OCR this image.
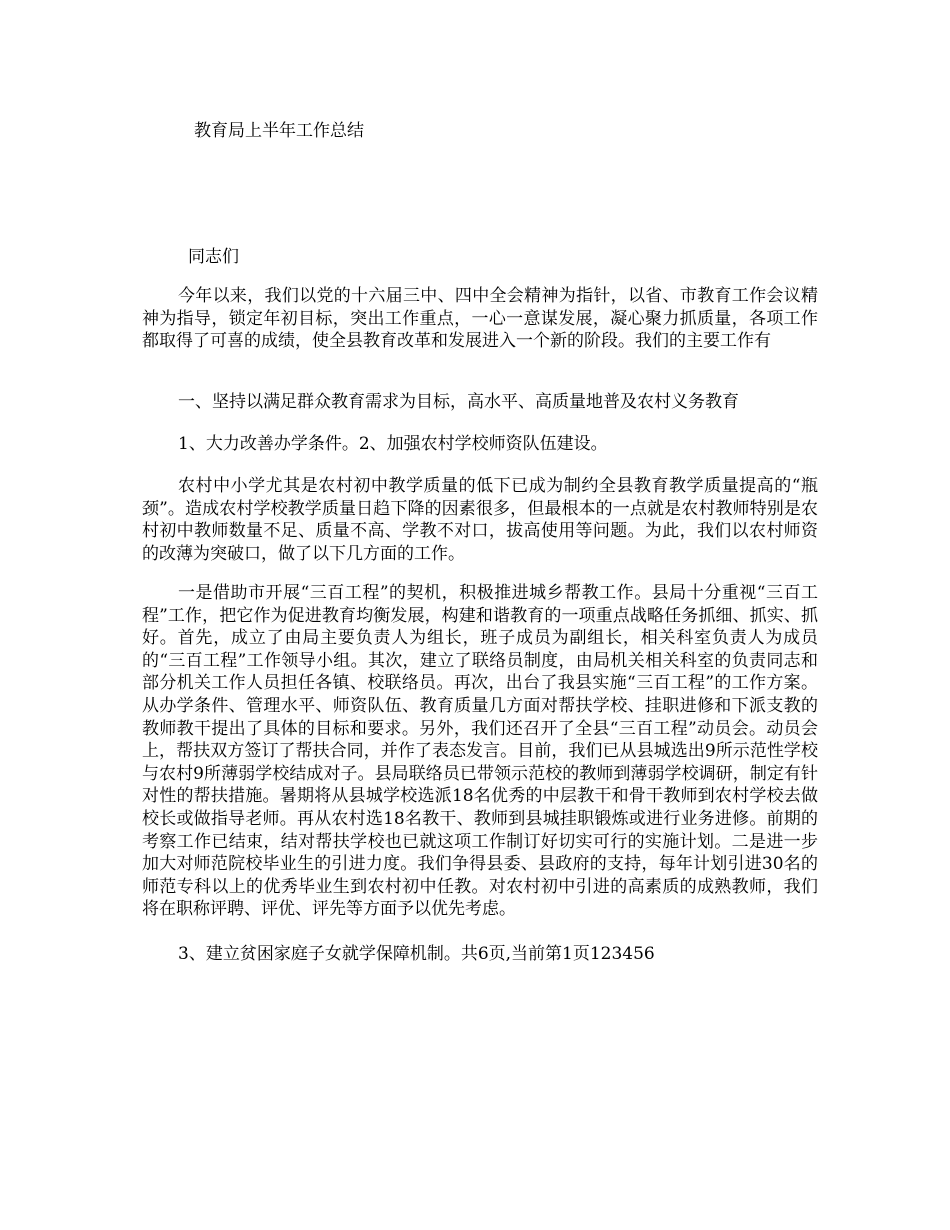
教育局上半年工作总结
同志们

今年以来，我们以党的十六届三中、四中全会精神为指针，以省、市教育工作会议精神为指导，锁定年初目标，突出工作重点，一心一意谋发展，凝心聚力抓质量，各项工作都取得了可喜的成绩，使全县教育改革和发展进入一个新的阶段。我们的主要工作有

一、坚持以满足群众教育需求为目标，高水平、高质量地普及农村义务教育

1、大力改善办学条件。2、加强农村学校师资队伍建设。

农村中小学尤其是农村初中教学质量的低下已成为制约全县教育教学质量提高的“瓶颈”。造成农村学校教学质量日趋下降的因素很多，但最根本的一点就是农村教师特别是农村初中教师数量不足、质量不高、学教不对口，拔高使用等问题。为此，我们以农村师资的改薄为突破口，做了以下几方面的工作。

一是借助市开展“三百工程”的契机，积极推进城乡帮教工作。县局十分重视“三百工程”工作，把它作为促进教育均衡发展，构建和谐教育的一项重点战略任务抓细、抓实、抓好。首先，成立了由局主要负责人为组长，班子成员为副组长，相关科室负责人为成员的“三百工程”工作领导小组。其次，建立了联络员制度，由局机关相关科室的负责同志和部分机关工作人员担任各镇、校联络员。再次，出台了我县实施“三百工程”的工作方案。从办学条件、管理水平、师资队伍、教育质量几方面对帮扶学校、挂职进修和下派支教的教师教干提出了具体的目标和要求。另外，我们还召开了全县“三百工程”动员会。动员会上，帮扶双方签订了帮扶合同，并作了表态发言。目前，我们已从县城选出9所示范性学校与农村9所薄弱学校结成对子。县局联络员已带领示范校的教师到薄弱学校调研，制定有针对性的帮扶措施。暑期将从县城学校选派18名优秀的中层教干和骨干教师到农村学校去做校长或做指导老师。再从农村选18名教干、教师到县城挂职锻炼或进行业务进修。前期的考察工作已结束，结对帮扶学校也已就这项工作制订好切实可行的实施计划。二是进一步加大对师范院校毕业生的引进力度。我们争得县委、县政府的支持，每年计划引进30名的师范专科以上的优秀毕业生到农村初中任教。对农村初中引进的高素质的成熟教师，我们将在职称评聘、评优、评先等方面予以优先考虑。

3、建立贫困家庭子女就学保障机制。共6页,当前第1页123456
